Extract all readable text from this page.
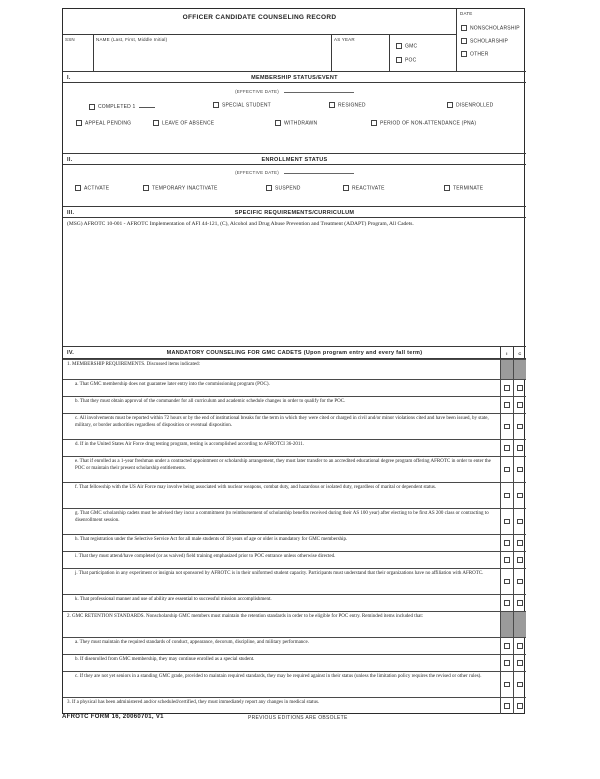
OFFICER CANDIDATE COUNSELING RECORD
SSN	NAME (Last, First, Middle Initial)	AS YEAR
GMC
POC
DATE
NONSCHOLARSHIP
SCHOLARSHIP
OTHER
I.	MEMBERSHIP STATUS/EVENT
(EFFECTIVE DATE)
II.	ENROLLMENT STATUS
(EFFECTIVE DATE)
III.	SPECIFIC REQUIREMENTS/CURRICULUM
(MSG) AFROTC 10-001 - AFROTC Implementation of AFI 44-121, (C), Alcohol and Drug Abuse Prevention and Treatment (ADAPT) Program, All Cadets.
IV.	MANDATORY COUNSELING FOR GMC CADETS (Upon program entry and every fall term)	I	C
1. MEMBERSHIP REQUIREMENTS. Discussed items indicated:
a. That GMC membership does not guarantee later entry into the commissioning program (POC).
b. That they must obtain approval of the commander for all curriculum and academic schedule changes in order to qualify for the POC.
c. All involvements must be reported within 72 hours or by the end of institutional breaks for the term in which they were cited or charged in civil and/or minor violations cited and have been issued, by state, military, or border authorities regardless of disposition or eventual disposition.
d. If in the United States Air Force drug testing program, testing is accomplished according to AFROTCI 36-2011.
e. That if enrolled as a 1-year freshman under a contracted appointment or scholarship arrangement, they must later transfer to an accredited educational degree program offering AFROTC in order to enter the POC or maintain their present scholarship entitlements.
f. That fellowship with the US Air Force may involve being associated with nuclear weapons, combat duty, and hazardous or isolated duty, regardless of marital or dependent status.
g. That GMC scholarship cadets must be advised they incur a commitment (to reimbursement of scholarship benefits received during their AS 100 year) after electing to be first AS 200 class or contracting to disenrollment session.
h. That registration under the Selective Service Act for all male students of 18 years of age or older is mandatory for GMC membership.
i. That they must attend/have completed (or as waived) field training emphasized prior to POC entrance unless otherwise directed.
j. That participation in any experiment or insignia not sponsored by AFROTC is in their uniformed student capacity. Participants must understand that their organizations have no affiliation with AFROTC.
k. That professional manner and use of ability are essential to successful mission accomplishment.
2. GMC RETENTION STANDARDS. Nonscholarship GMC members must maintain the retention standards in order to be eligible for POC entry. Reminded items included that:
a. They must maintain the required standards of conduct, appearance, decorum, discipline, and military performance.
b. If disenrolled from GMC membership, they may continue enrolled as a special student.
c. If they are not yet seniors in a standing GMC grade, provided to maintain required standards, they may be required against in their status (unless the limitation policy requires the revised or other rules).
3. If a physical has been administered and/or scheduled/certified, they must immediately report any changes in medical status.
COMPLETED 1	SPECIAL STUDENT	RESIGNED	DISENROLLED
APPEAL PENDING	LEAVE OF ABSENCE	WITHDRAWN	PERIOD OF NON-ATTENDANCE (PNA)
ACTIVATE	TEMPORARY INACTIVATE	SUSPEND	REACTIVATE	TERMINATE
AFROTC FORM 16, 20060701, V1	PREVIOUS EDITIONS ARE OBSOLETE
